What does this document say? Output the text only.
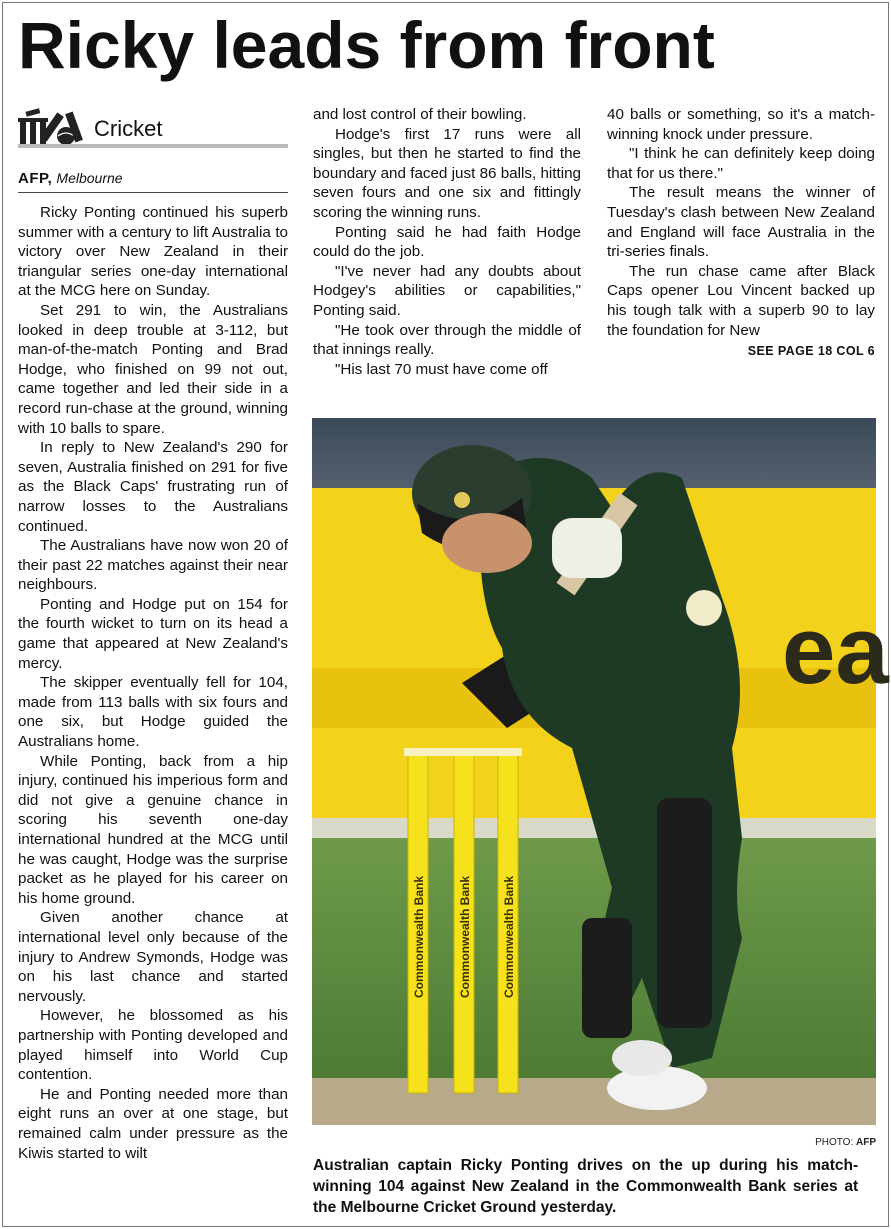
Ricky leads from front
Cricket
AFP, Melbourne

Ricky Ponting continued his superb summer with a century to lift Australia to victory over New Zealand in their triangular series one-day international at the MCG here on Sunday.

Set 291 to win, the Australians looked in deep trouble at 3-112, but man-of-the-match Ponting and Brad Hodge, who finished on 99 not out, came together and led their side in a record run-chase at the ground, winning with 10 balls to spare.

In reply to New Zealand's 290 for seven, Australia finished on 291 for five as the Black Caps' frustrating run of narrow losses to the Australians continued.

The Australians have now won 20 of their past 22 matches against their near neighbours.

Ponting and Hodge put on 154 for the fourth wicket to turn on its head a game that appeared at New Zealand's mercy.

The skipper eventually fell for 104, made from 113 balls with six fours and one six, but Hodge guided the Australians home.

While Ponting, back from a hip injury, continued his imperious form and did not give a genuine chance in scoring his seventh one-day international hundred at the MCG until he was caught, Hodge was the surprise packet as he played for his career on his home ground.

Given another chance at international level only because of the injury to Andrew Symonds, Hodge was on his last chance and started nervously.

However, he blossomed as his partnership with Ponting developed and played himself into World Cup contention.

He and Ponting needed more than eight runs an over at one stage, but remained calm under pressure as the Kiwis started to wilt

and lost control of their bowling.

Hodge's first 17 runs were all singles, but then he started to find the boundary and faced just 86 balls, hitting seven fours and one six and fittingly scoring the winning runs.

Ponting said he had faith Hodge could do the job.

"I've never had any doubts about Hodgey's abilities or capabilities," Ponting said.

"He took over through the middle of that innings really.

"His last 70 must have come off

40 balls or something, so it's a match-winning knock under pressure.

"I think he can definitely keep doing that for us there."

The result means the winner of Tuesday's clash between New Zealand and England will face Australia in the tri-series finals.

The run chase came after Black Caps opener Lou Vincent backed up his tough talk with a superb 90 to lay the foundation for New

SEE PAGE 18 COL 6
ea
Commonwealth Bank	Commonwealth Bank	Commonwealth Bank
PHOTO: AFP
Australian captain Ricky Ponting drives on the up during his match-winning 104 against New Zealand in the Commonwealth Bank series at the Melbourne Cricket Ground yesterday.
